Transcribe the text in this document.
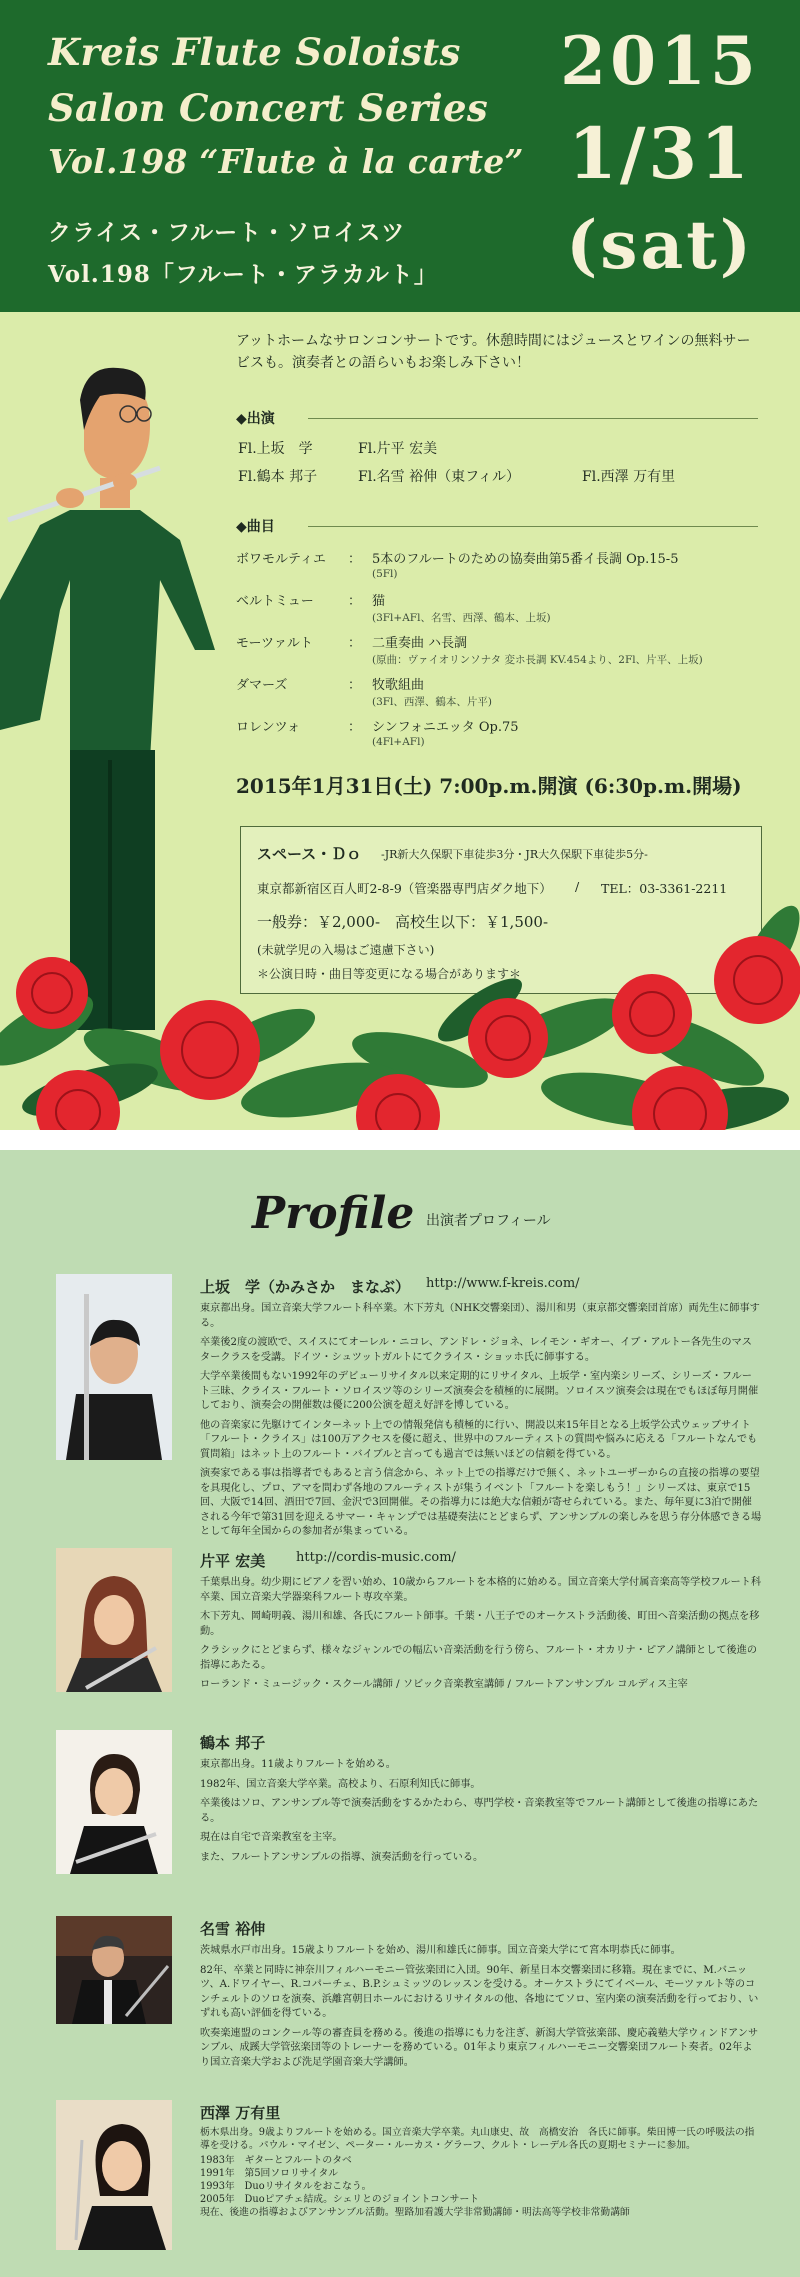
Kreis Flute Soloists
Salon Concert Series
Vol.198 “Flute à la carte”
クライス・フルート・ソロイスツ
Vol.198「フルート・アラカルト」
2015
1/31
(sat)
アットホームなサロンコンサートです。休憩時間にはジュースとワインの無料サービスも。演奏者との語らいもお楽しみ下さい！
◆出演
Fl.上坂　学	Fl.片平 宏美
Fl.鶴本 邦子	Fl.名雪 裕伸（東フィル）	Fl.西澤 万有里
◆曲目
ボワモルティエ ： 5本のフルートのための協奏曲第5番イ長調 Op.15-5
(5Fl)
ベルトミュー	： 猫
(3Fl+AFl、名雪、西澤、鶴本、上坂)
モーツァルト	： 二重奏曲 ハ長調
(原曲：ヴァイオリンソナタ 変ホ長調 KV.454より、2Fl、片平、上坂)
ダマーズ	： 牧歌組曲
(3Fl、西澤、鶴本、片平)
ロレンツォ	： シンフォニエッタ Op.75
(4Fl+AFl)
2015年1月31日(土) 7:00p.m.開演 (6:30p.m.開場)
スペース・Ｄｏ -JR新大久保駅下車徒歩3分・JR大久保駅下車徒歩5分-
東京都新宿区百人町2-8-9（管楽器専門店ダク地下） / TEL：03-3361-2211
一般券：￥2,000-　高校生以下：￥1,500-
(未就学児の入場はご遠慮下さい)
＊公演日時・曲目等変更になる場合があります＊
Profile 出演者プロフィール
上坂　学（かみさか　まなぶ） http://www.f-kreis.com/

東京都出身。国立音楽大学フルート科卒業。木下芳丸（NHK交響楽団）、湯川和男（東京都交響楽団首席）両先生に師事する。

卒業後2度の渡欧で、スイスにてオーレル・ニコレ、アンドレ・ジョネ、レイモン・ギオー、イブ・アルトー各先生のマスタークラスを受講。ドイツ・シュツットガルトにてクライス・ショッホ氏に師事する。

大学卒業後間もない1992年のデビューリサイタル以来定期的にリサイタル、上坂学・室内楽シリーズ、シリーズ・フルート三昧、クライス・フルート・ソロイスツ等のシリーズ演奏会を積極的に展開。ソロイスツ演奏会は現在でもほぼ毎月開催しており、演奏会の開催数は優に200公演を超え好評を博している。

他の音楽家に先駆けてインターネット上での情報発信も積極的に行い、開設以来15年目となる上坂学公式ウェッブサイト「フルート・クライス」は100万アクセスを優に超え、世界中のフルーティストの質問や悩みに応える「フルートなんでも質問箱」はネット上のフルート・バイブルと言っても過言では無いほどの信頼を得ている。

演奏家である事は指導者でもあると言う信念から、ネット上での指導だけで無く、ネットユーザーからの直接の指導の要望を具現化し、プロ、アマを問わず各地のフルーティストが集うイベント「フルートを楽しもう！」シリーズは、東京で15回、大阪で14回、酒田で7回、金沢で3回開催。その指導力には絶大な信頼が寄せられている。また、毎年夏に3泊で開催される今年で第31回を迎えるサマー・キャンプでは基礎奏法にとどまらず、アンサンブルの楽しみを思う存分体感できる場として毎年全国からの参加者が集まっている。

片平 宏美 http://cordis-music.com/

千葉県出身。幼少期にピアノを習い始め、10歳からフルートを本格的に始める。国立音楽大学付属音楽高等学校フルート科卒業、国立音楽大学器楽科フルート専攻卒業。

木下芳丸、岡崎明義、湯川和雄、各氏にフルート師事。千葉・八王子でのオーケストラ活動後、町田へ音楽活動の拠点を移動。

クラシックにとどまらず、様々なジャンルでの幅広い音楽活動を行う傍ら、フルート・オカリナ・ピアノ講師として後進の指導にあたる。

ローランド・ミュージック・スクール講師 / ソビック音楽教室講師 / フルートアンサンブル コルディス主宰

鶴本 邦子

東京都出身。11歳よりフルートを始める。

1982年、国立音楽大学卒業。高校より、石原利知氏に師事。

卒業後はソロ、アンサンブル等で演奏活動をするかたわら、専門学校・音楽教室等でフルート講師として後進の指導にあたる。

現在は自宅で音楽教室を主宰。

また、フルートアンサンブルの指導、演奏活動を行っている。

名雪 裕伸

茨城県水戸市出身。15歳よりフルートを始め、湯川和雄氏に師事。国立音楽大学にて宮本明恭氏に師事。

82年、卒業と同時に神奈川フィルハーモニー管弦楽団に入団。90年、新星日本交響楽団に移籍。現在までに、M.バニッツ、A.ドワイヤー、R.コパーチェ、B.P.シュミッツのレッスンを受ける。オーケストラにてイベール、モーツァルト等のコンチェルトのソロを演奏、浜離宮朝日ホールにおけるリサイタルの他、各地にてソロ、室内楽の演奏活動を行っており、いずれも高い評価を得ている。

吹奏楽連盟のコンクール等の審査員を務める。後進の指導にも力を注ぎ、新潟大学管弦楽部、慶応義塾大学ウィンドアンサンブル、成蹊大学管弦楽団等のトレーナーを務めている。01年より東京フィルハーモニー交響楽団フルート奏者。02年より国立音楽大学および洗足学園音楽大学講師。

西澤 万有里

栃木県出身。9歳よりフルートを始める。国立音楽大学卒業。丸山康史、故　高橋安治　各氏に師事。柴田博一氏の呼吸法の指導を受ける。パウル・マイゼン、ペーター・ルーカス・グラーフ、クルト・レーデル各氏の夏期セミナーに参加。

1983年　ギターとフルートのタベ

1991年　第5回ソロリサイタル

1993年　Duoリサイタルをおこなう。

2005年　Duoピアチェ結成。シェリとのジョイントコンサート

現在、後進の指導およびアンサンブル活動。聖路加看護大学非常勤講師・明法高等学校非常勤講師
